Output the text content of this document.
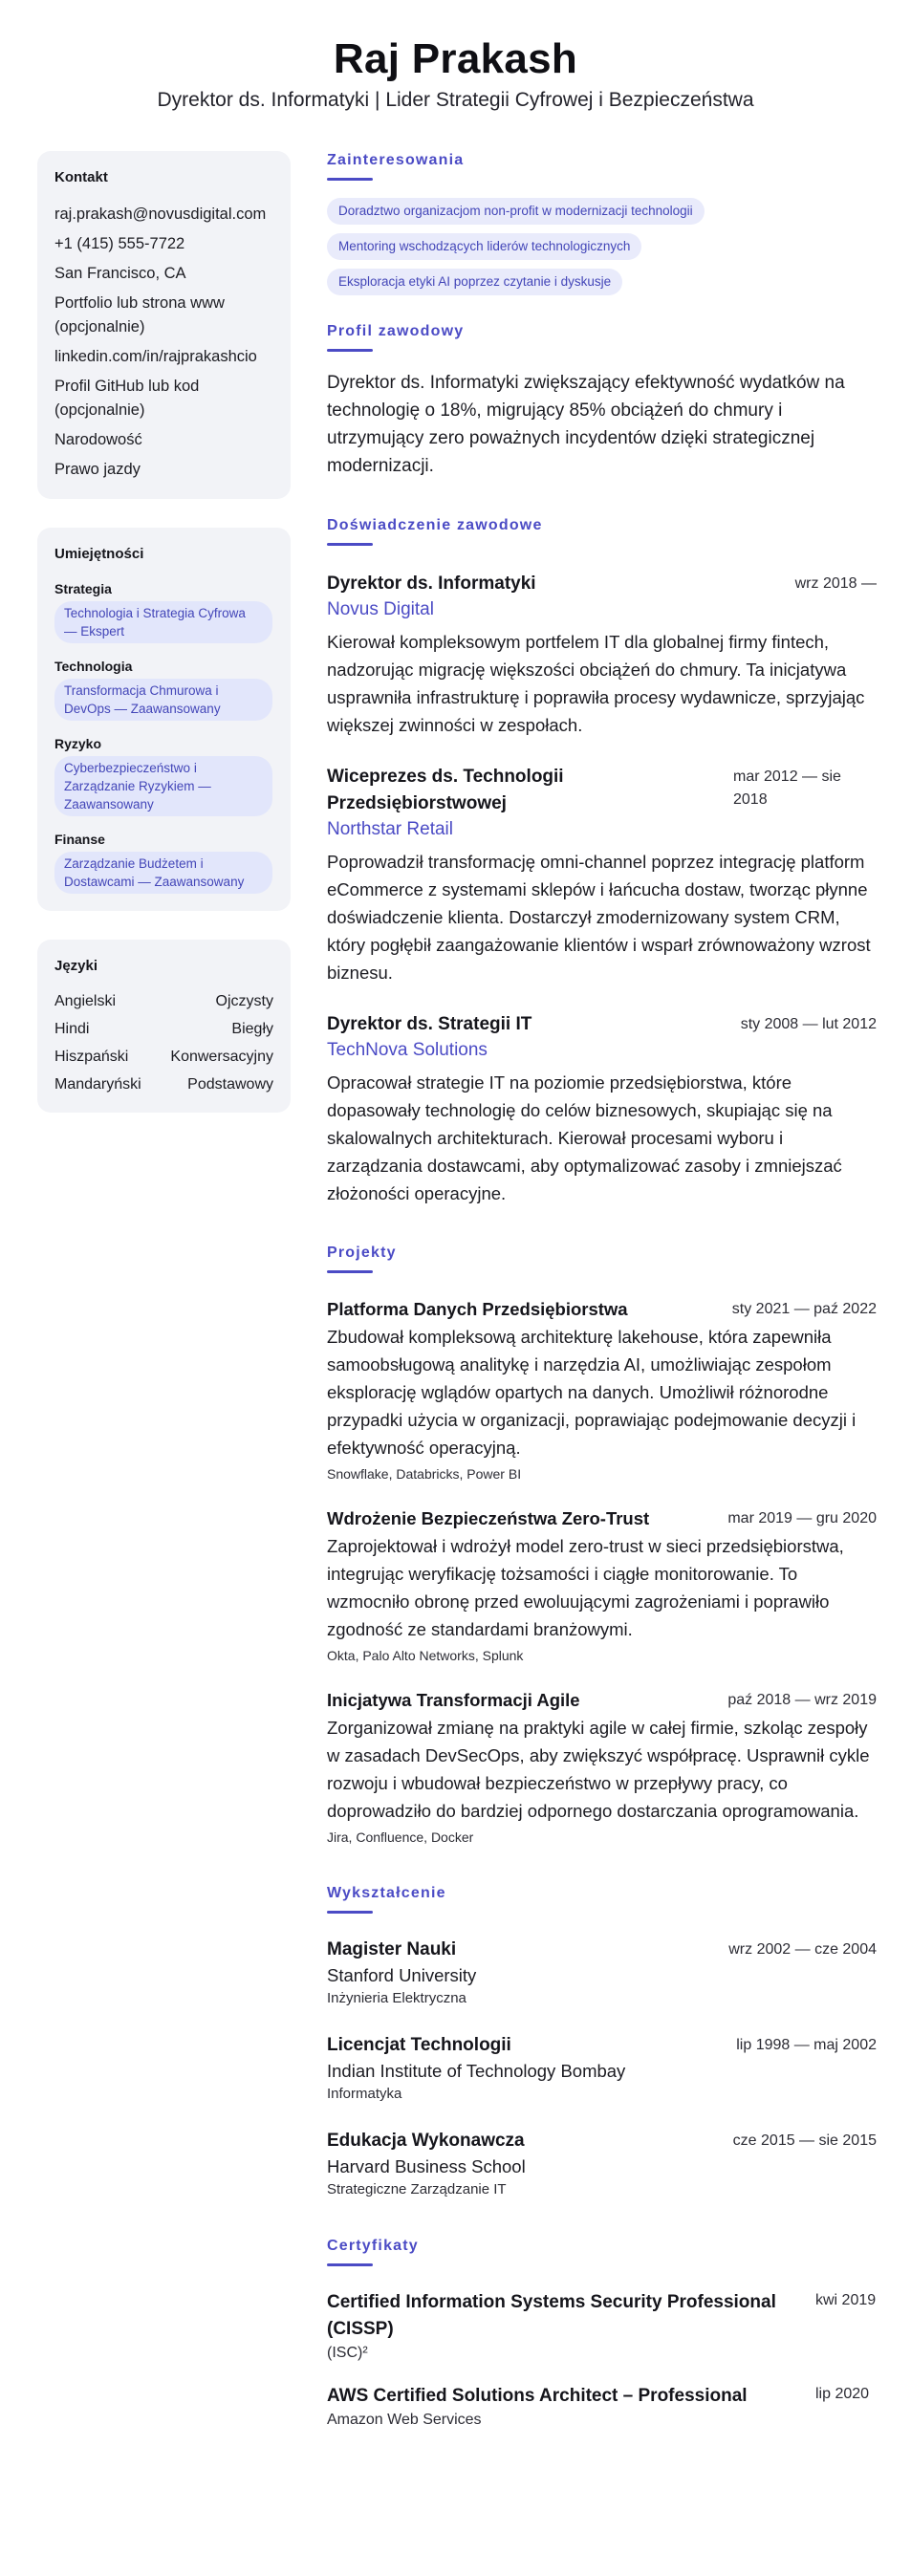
Raj Prakash
Dyrektor ds. Informatyki | Lider Strategii Cyfrowej i Bezpieczeństwa
Kontakt
raj.prakash@novusdigital.com
+1 (415) 555-7722
San Francisco, CA
Portfolio lub strona www (opcjonalnie)
linkedin.com/in/rajprakashcio
Profil GitHub lub kod (opcjonalnie)
Narodowość
Prawo jazdy
Umiejętności
Strategia
Technologia i Strategia Cyfrowa — Ekspert
Technologia
Transformacja Chmurowa i DevOps — Zaawansowany
Ryzyko
Cyberbezpieczeństwo i Zarządzanie Ryzykiem — Zaawansowany
Finanse
Zarządzanie Budżetem i Dostawcami — Zaawansowany
Języki
Angielski	Ojczysty
Hindi	Biegły
Hiszpański	Konwersacyjny
Mandaryński	Podstawowy
Zainteresowania
Doradztwo organizacjom non-profit w modernizacji technologii
Mentoring wschodzących liderów technologicznych
Eksploracja etyki AI poprzez czytanie i dyskusje
Profil zawodowy

Dyrektor ds. Informatyki zwiększający efektywność wydatków na technologię o 18%, migrujący 85% obciążeń do chmury i utrzymujący zero poważnych incydentów dzięki strategicznej modernizacji.

Doświadczenie zawodowe
Dyrektor ds. Informatyki	wrz 2018 —
Novus Digital
Kierował kompleksowym portfelem IT dla globalnej firmy fintech, nadzorując migrację większości obciążeń do chmury. Ta inicjatywa usprawniła infrastrukturę i poprawiła procesy wydawnicze, sprzyjając większej zwinności w zespołach.
Wiceprezes ds. Technologii Przedsiębiorstwowej
mar 2012 — sie 2018
Northstar Retail
Poprowadził transformację omni-channel poprzez integrację platform eCommerce z systemami sklepów i łańcucha dostaw, tworząc płynne doświadczenie klienta. Dostarczył zmodernizowany system CRM, który pogłębił zaangażowanie klientów i wsparł zrównoważony wzrost biznesu.
Dyrektor ds. Strategii IT	sty 2008 — lut 2012
TechNova Solutions
Opracował strategie IT na poziomie przedsiębiorstwa, które dopasowały technologię do celów biznesowych, skupiając się na skalowalnych architekturach. Kierował procesami wyboru i zarządzania dostawcami, aby optymalizować zasoby i zmniejszać złożoności operacyjne.
Projekty
Platforma Danych Przedsiębiorstwa	sty 2021 — paź 2022
Zbudował kompleksową architekturę lakehouse, która zapewniła samoobsługową analitykę i narzędzia AI, umożliwiając zespołom eksplorację wglądów opartych na danych. Umożliwił różnorodne przypadki użycia w organizacji, poprawiając podejmowanie decyzji i efektywność operacyjną.
Snowflake, Databricks, Power BI
Wdrożenie Bezpieczeństwa Zero-Trust	mar 2019 — gru 2020
Zaprojektował i wdrożył model zero-trust w sieci przedsiębiorstwa, integrując weryfikację tożsamości i ciągłe monitorowanie. To wzmocniło obronę przed ewoluującymi zagrożeniami i poprawiło zgodność ze standardami branżowymi.
Okta, Palo Alto Networks, Splunk
Inicjatywa Transformacji Agile	paź 2018 — wrz 2019
Zorganizował zmianę na praktyki agile w całej firmie, szkoląc zespoły w zasadach DevSecOps, aby zwiększyć współpracę. Usprawnił cykle rozwoju i wbudował bezpieczeństwo w przepływy pracy, co doprowadziło do bardziej odpornego dostarczania oprogramowania.
Jira, Confluence, Docker
Wykształcenie
Magister Nauki	wrz 2002 — cze 2004
Stanford University
Inżynieria Elektryczna
Licencjat Technologii	lip 1998 — maj 2002
Indian Institute of Technology Bombay
Informatyka
Edukacja Wykonawcza	cze 2015 — sie 2015
Harvard Business School
Strategiczne Zarządzanie IT
Certyfikaty
Certified Information Systems Security Professional (CISSP)
kwi 2019
(ISC)²
AWS Certified Solutions Architect – Professional	lip 2020
Amazon Web Services
